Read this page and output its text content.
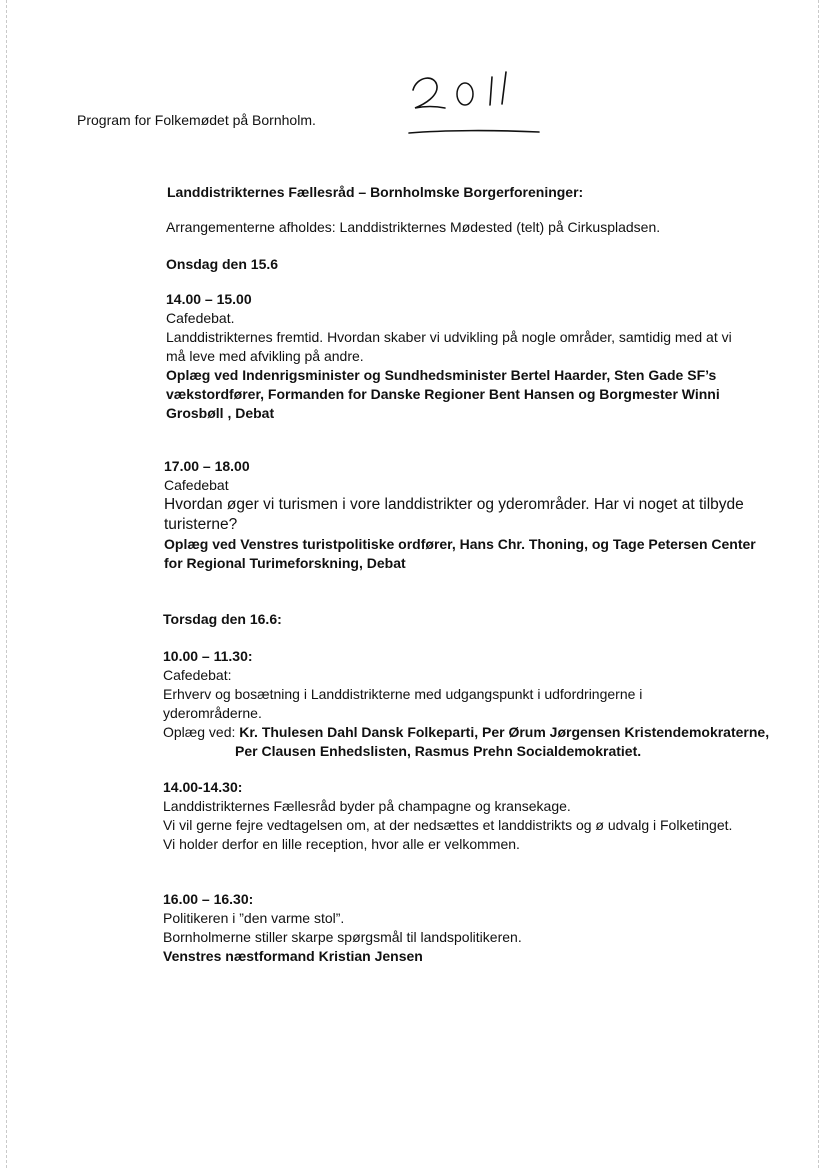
Program for Folkemødet på Bornholm.
Landdistrikternes Fællesråd – Bornholmske Borgerforeninger:
Arrangementerne afholdes: Landdistrikternes Mødested (telt) på Cirkuspladsen.
Onsdag den 15.6

14.00 – 15.00

Cafedebat.

Landdistrikternes fremtid. Hvordan skaber vi udvikling på nogle områder, samtidig med at vi

må leve med afvikling på andre.

Oplæg ved Indenrigsminister og Sundhedsminister Bertel Haarder, Sten Gade SF’s

vækstordfører, Formanden for Danske Regioner Bent Hansen og Borgmester Winni

Grosbøll , Debat

17.00 – 18.00

Cafedebat

Hvordan øger vi turismen i vore landdistrikter og yderområder. Har vi noget at tilbyde

turisterne?

Oplæg ved Venstres turistpolitiske ordfører, Hans Chr. Thoning, og Tage Petersen Center

for Regional Turimeforskning, Debat

Torsdag den 16.6:

10.00 – 11.30:

Cafedebat:

Erhverv og bosætning i Landdistrikterne med udgangspunkt i udfordringerne i

yderområderne.

Oplæg ved: Kr. Thulesen Dahl Dansk Folkeparti, Per Ørum Jørgensen Kristendemokraterne,

Per Clausen Enhedslisten, Rasmus Prehn Socialdemokratiet.

14.00-14.30:

Landdistrikternes Fællesråd byder på champagne og kransekage.

Vi vil gerne fejre vedtagelsen om, at der nedsættes et landdistrikts og ø udvalg i Folketinget.

Vi holder derfor en lille reception, hvor alle er velkommen.

16.00 – 16.30:

Politikeren i ”den varme stol”.

Bornholmerne stiller skarpe spørgsmål til landspolitikeren.

Venstres næstformand Kristian Jensen
